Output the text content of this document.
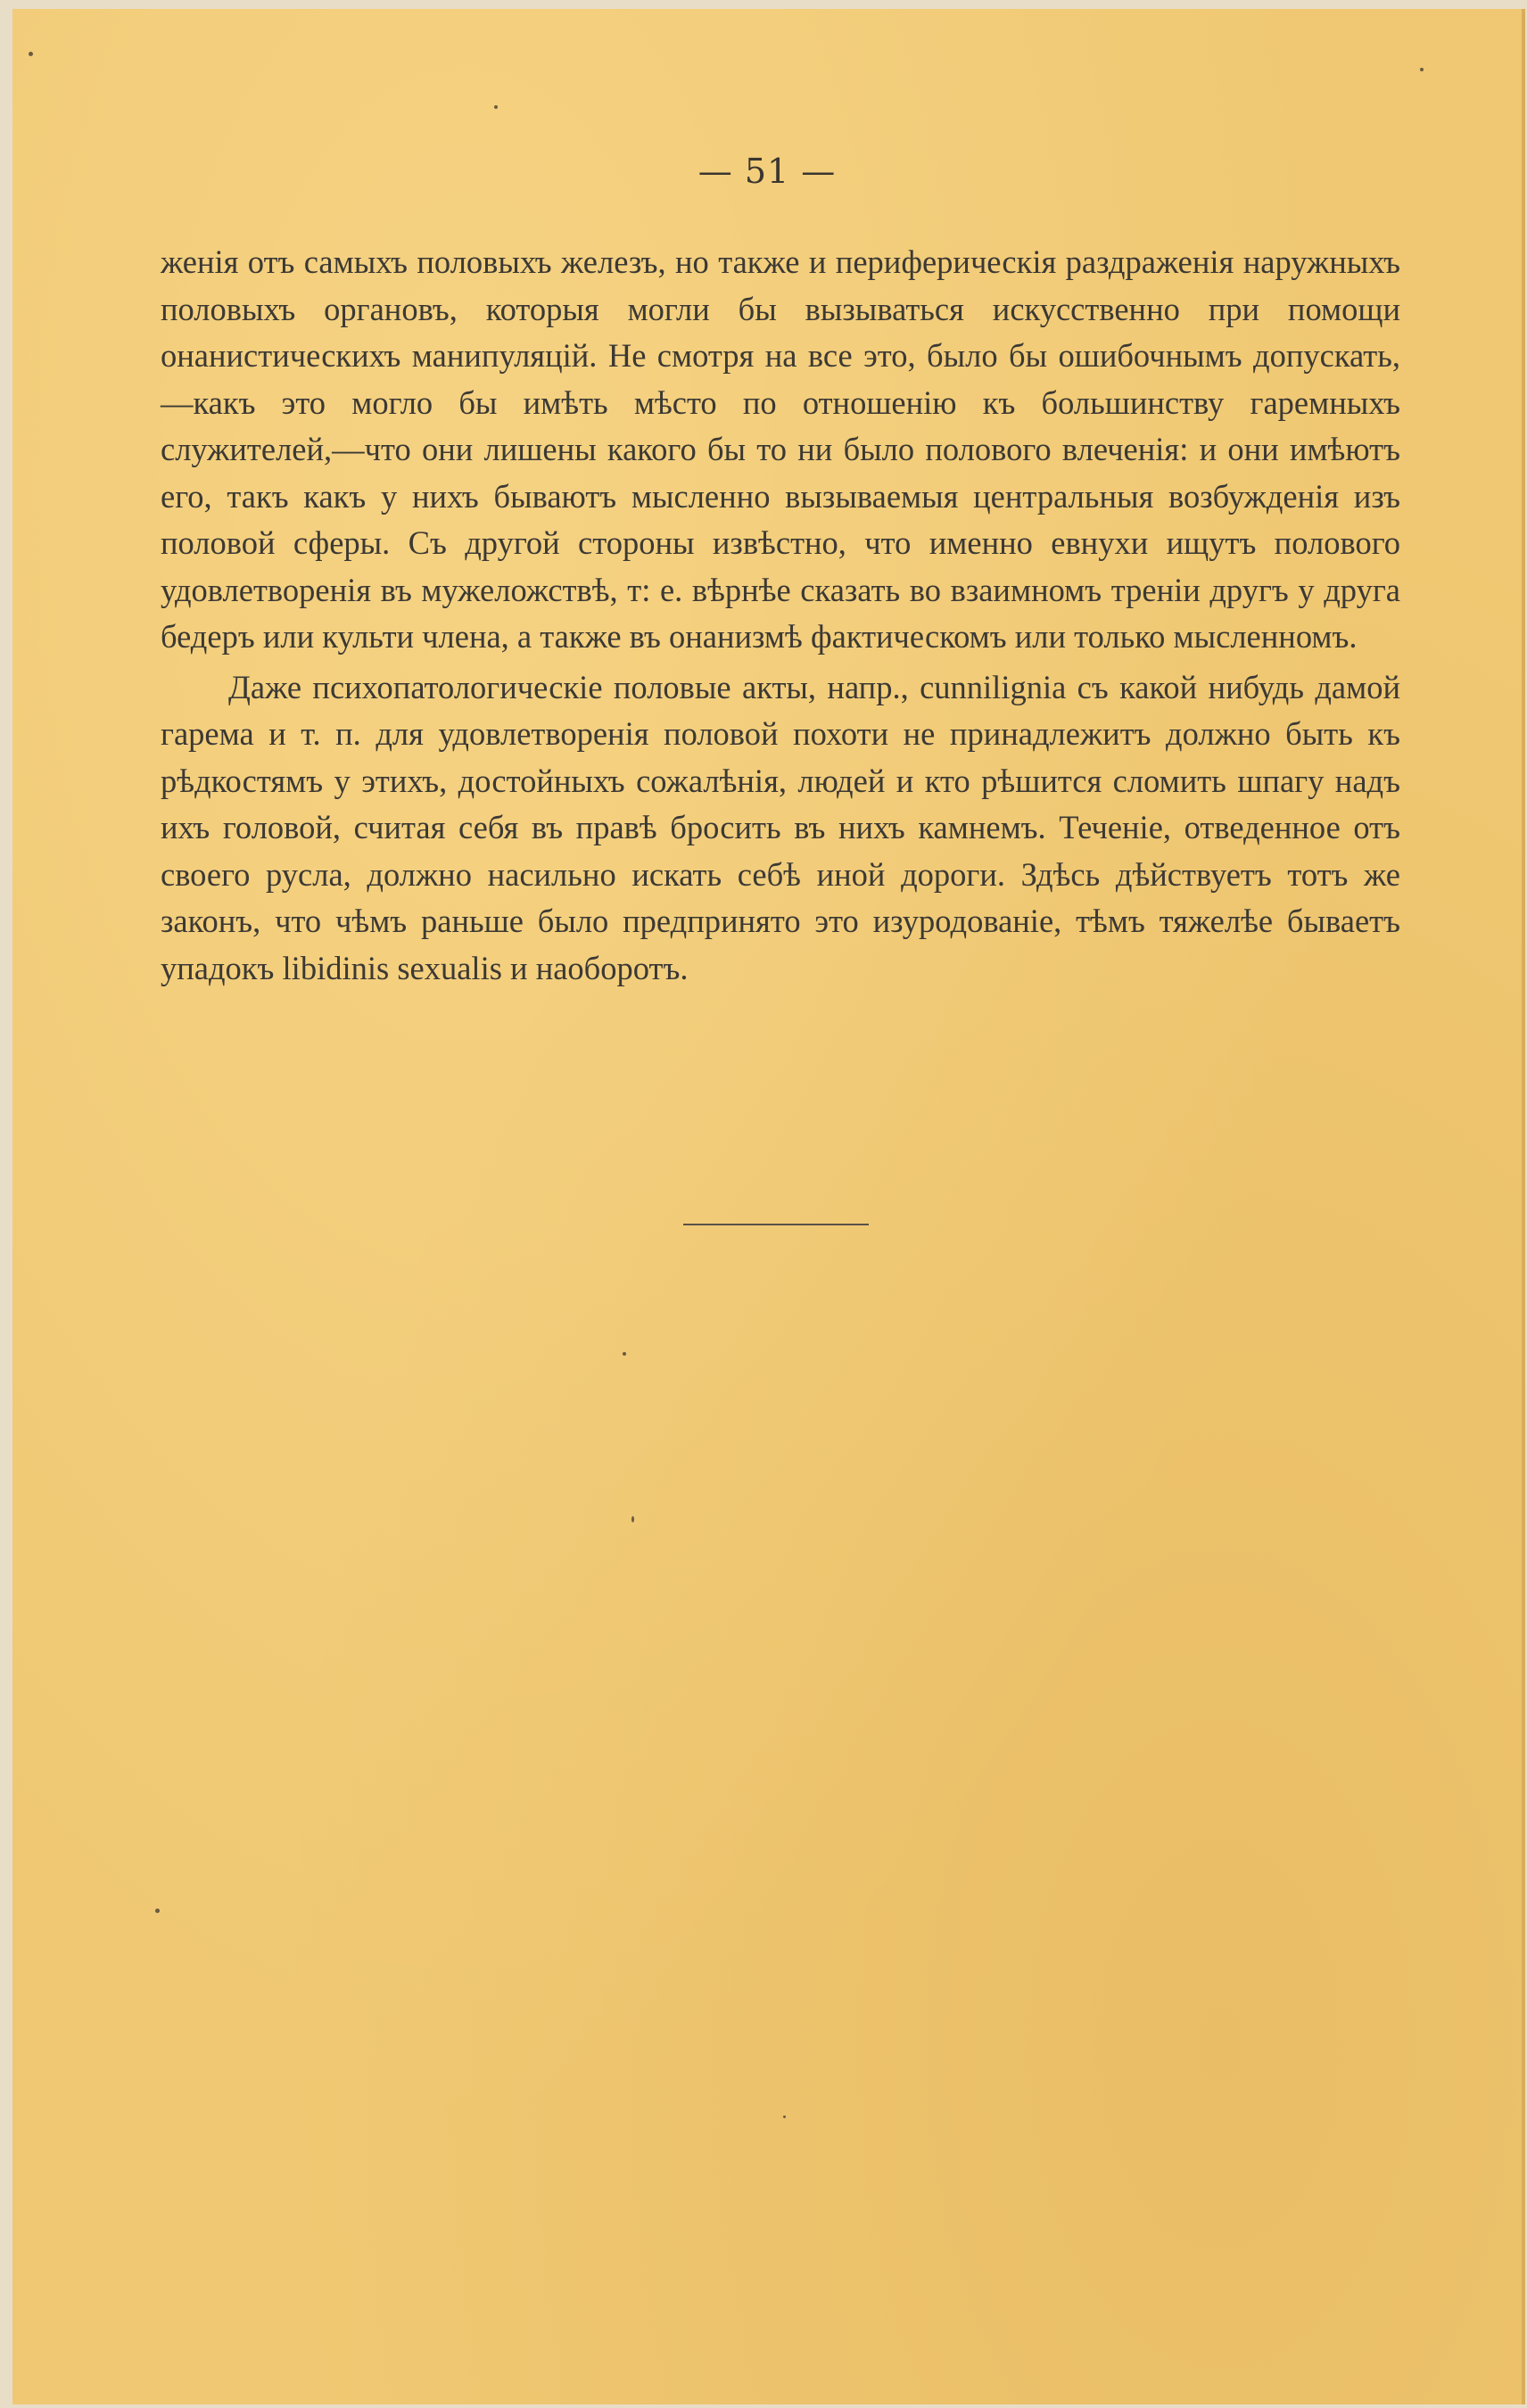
— 51 —

женія отъ самыхъ половыхъ железъ, но также и периферическія раздраженія наружныхъ половыхъ органовъ, которыя могли бы вызываться искусственно при помощи онанистическихъ манипуляцій. Не смотря на все это, было бы ошибочнымъ допускать,—какъ это могло бы имѣть мѣсто по отношенію къ большинству гаремныхъ служителей,—что они лишены какого бы то ни было полового влеченія: и они имѣютъ его, такъ какъ у нихъ бываютъ мысленно вызываемыя центральныя возбужденія изъ половой сферы. Съ другой стороны извѣстно, что именно евнухи ищутъ полового удовлетворенія въ мужеложствѣ, т: е. вѣрнѣе сказать во взаимномъ треніи другъ у друга бедеръ или культи члена, а также въ онанизмѣ фактическомъ или только мысленномъ.

Даже психопатологическіе половые акты, напр., cunnilignia съ какой нибудь дамой гарема и т. п. для удовлетворенія половой похоти не принадлежитъ должно быть къ рѣдкостямъ у этихъ, достойныхъ сожалѣнія, людей и кто рѣшится сломить шпагу надъ ихъ головой, считая себя въ правѣ бросить въ нихъ камнемъ. Теченіе, отведенное отъ своего русла, должно насильно искать себѣ иной дороги. Здѣсь дѣйствуетъ тотъ же законъ, что чѣмъ раньше было предпринято это изуродованіе, тѣмъ тяжелѣе бываетъ упадокъ libidinis sexualis и наоборотъ.
